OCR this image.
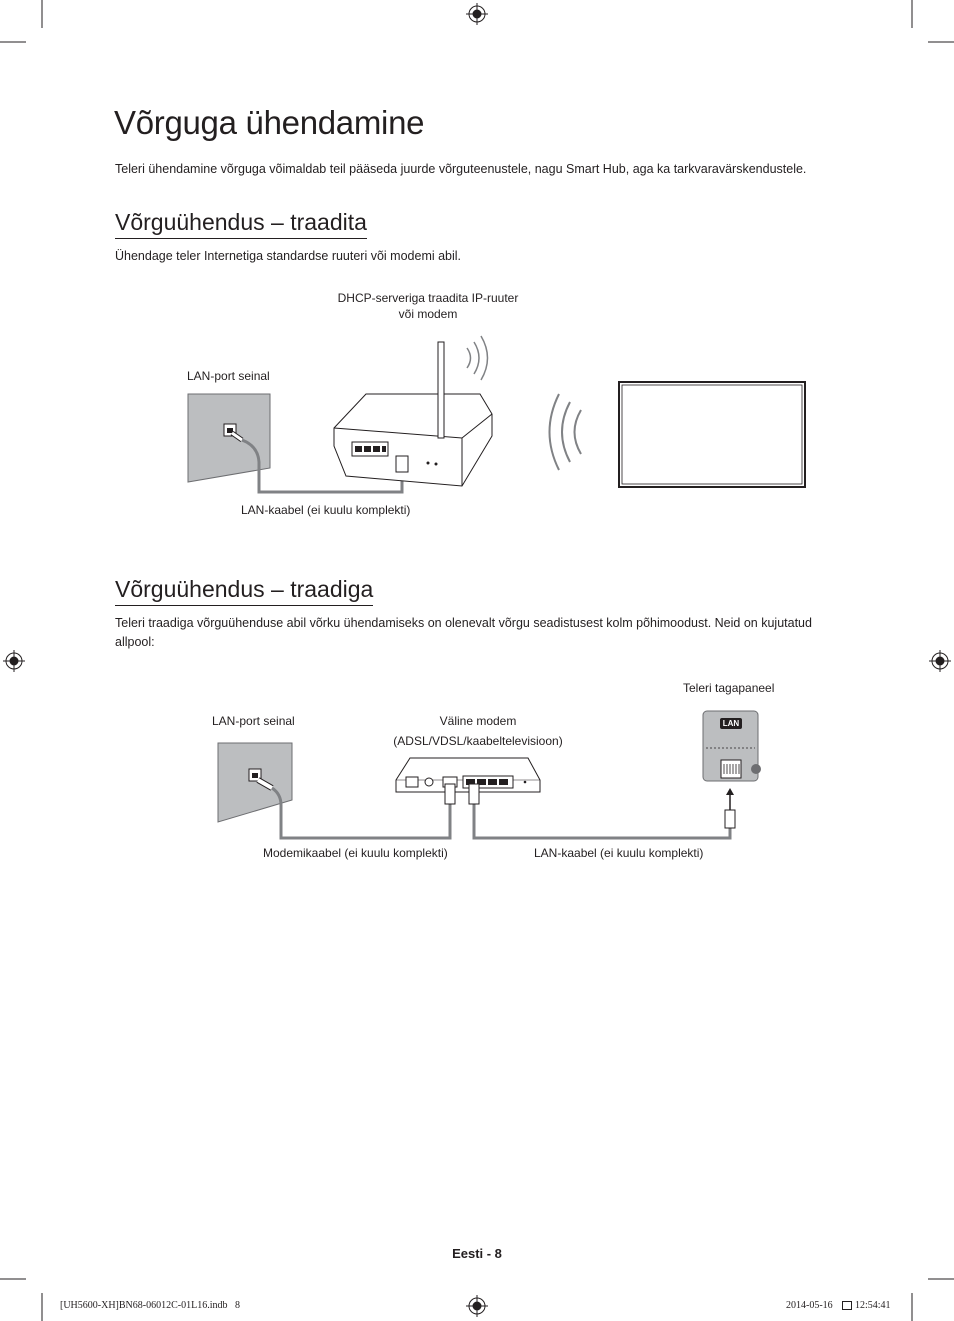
Võrguga ühendamine
Teleri ühendamine võrguga võimaldab teil pääseda juurde võrguteenustele, nagu Smart Hub, aga ka tarkvaravärskendustele.
Võrguühendus – traadita
Ühendage teler Internetiga standardse ruuteri või modemi abil.
DHCP-serveriga traadita IP-ruuter
või modem
LAN-port seinal
LAN-kaabel (ei kuulu komplekti)
Võrguühendus – traadiga
Teleri traadiga võrguühenduse abil võrku ühendamiseks on olenevalt võrgu seadistusest kolm põhimoodust. Neid on kujutatud allpool:
Teleri tagapaneel
LAN-port seinal	Väline modem
(ADSL/VDSL/kaabeltelevisioon)
LAN
Modemikaabel (ei kuulu komplekti)	LAN-kaabel (ei kuulu komplekti)
Eesti - 8
[UH5600-XH]BN68-06012C-01L16.indb   8	2014-05-16 12:54:41
